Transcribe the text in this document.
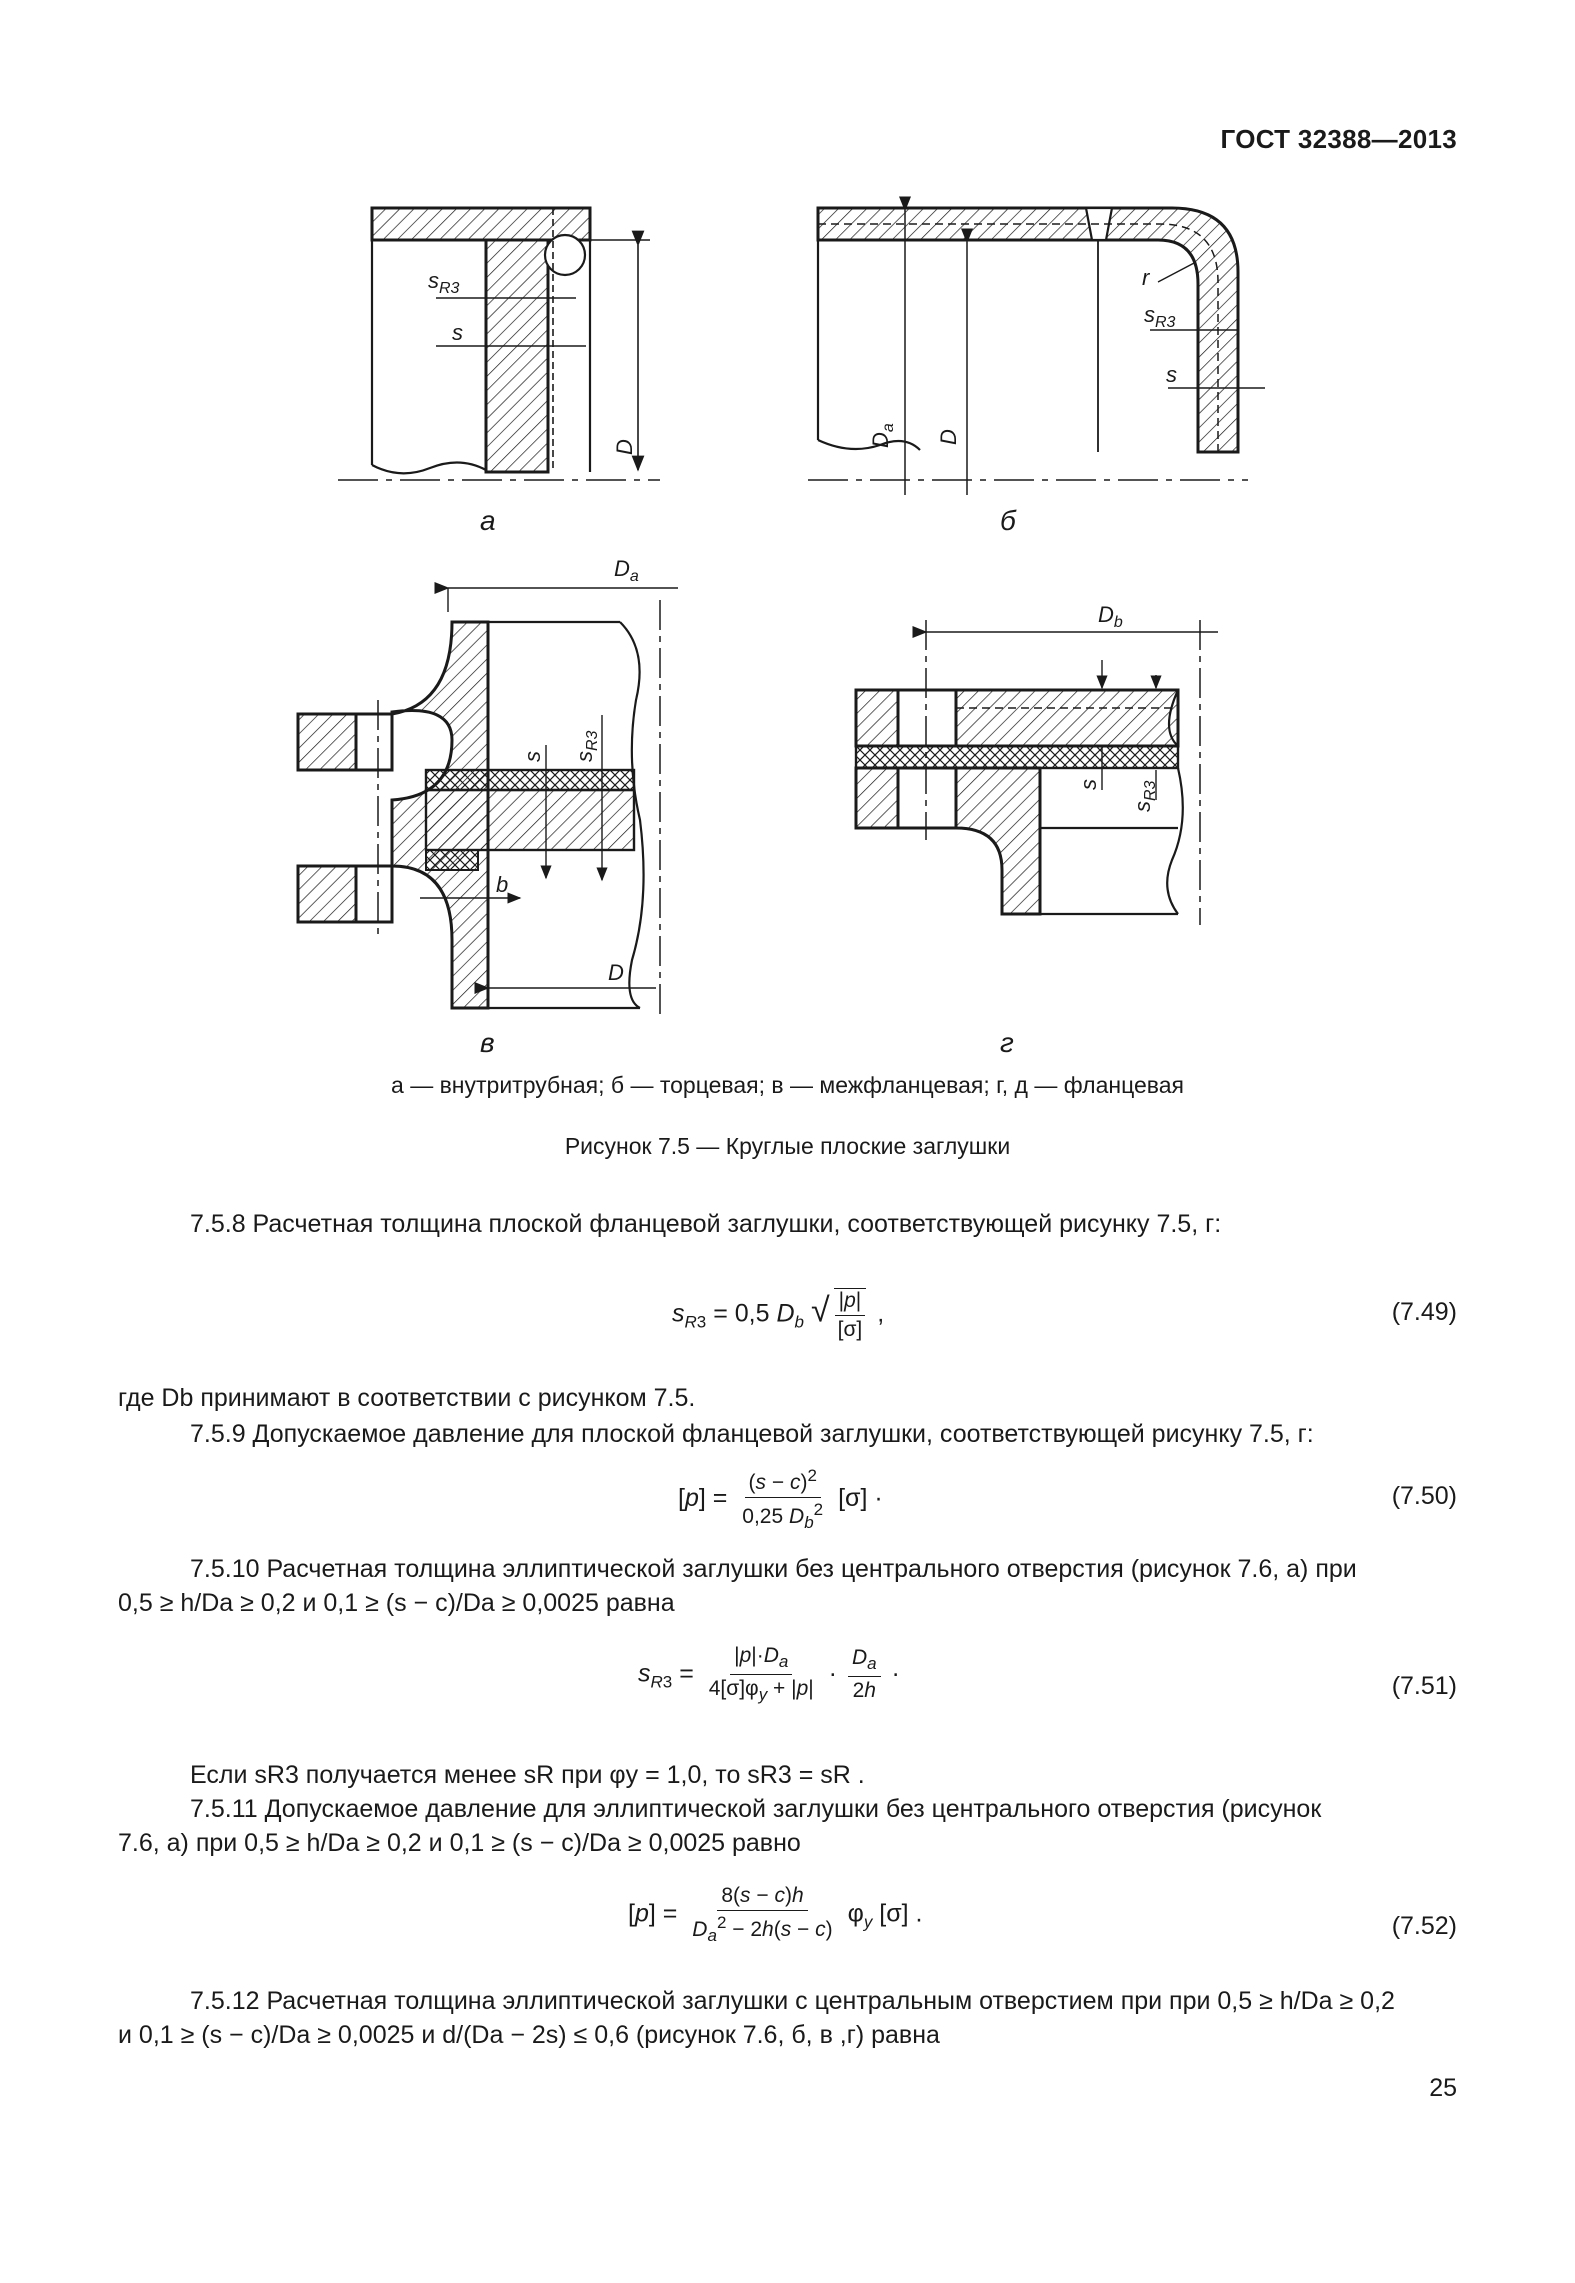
ГОСТ 32388—2013
$s_{R3}$
s
D
r
$s_{R3}$
s
$D_a$
D
$D_a$
s $s_{R3}$
b
D
$D_b$
s
$s_{R3}$
а	б
в	г
а — внутритрубная; б — торцевая; в — межфланцевая; г, д — фланцевая
Рисунок 7.5 — Круглые плоские заглушки
7.5.8 Расчетная толщина плоской фланцевой заглушки, соответствующей рисунку 7.5, г:
$s_{R3} = 0,5$ $D_b$ √ $\frac{|p|}{[\sigma]}$ ,	(7.49)
где Db принимают в соответствии с рисунком 7.5.
7.5.9 Допускаемое давление для плоской фланцевой заглушки, соответствующей рисунку 7.5, г:
$[p] = \frac{(s - c)^2}{0,25 D_b^2} [\sigma]$ ·	(7.50)
7.5.10 Расчетная толщина эллиптической заглушки без центрального отверстия (рисунок 7.6, а) при
0,5 ≥ h/Da ≥ 0,2 и 0,1 ≥ (s − c)/Da ≥ 0,0025 равна
$s_{R3} = \frac{|p|\cdot D_a}{4[\sigma]\varphi_y + |p|} \cdot \frac{D_a}{2h}$ ·	(7.51)
Если sR3 получается менее sR при φy = 1,0, то sR3 = sR .
7.5.11 Допускаемое давление для эллиптической заглушки без центрального отверстия (рисунок
7.6, а) при 0,5 ≥ h/Da ≥ 0,2 и 0,1 ≥ (s − c)/Da ≥ 0,0025 равно
$[p] = \frac{8(s - c)h}{D_a^2 - 2h(s - c)} \varphi_y$ [σ] .	(7.52)
7.5.12 Расчетная толщина эллиптической заглушки с центральным отверстием при при 0,5 ≥ h/Da ≥ 0,2
и 0,1 ≥ (s − c)/Da ≥ 0,0025 и d/(Da − 2s) ≤ 0,6 (рисунок 7.6, б, в ,г) равна
25
